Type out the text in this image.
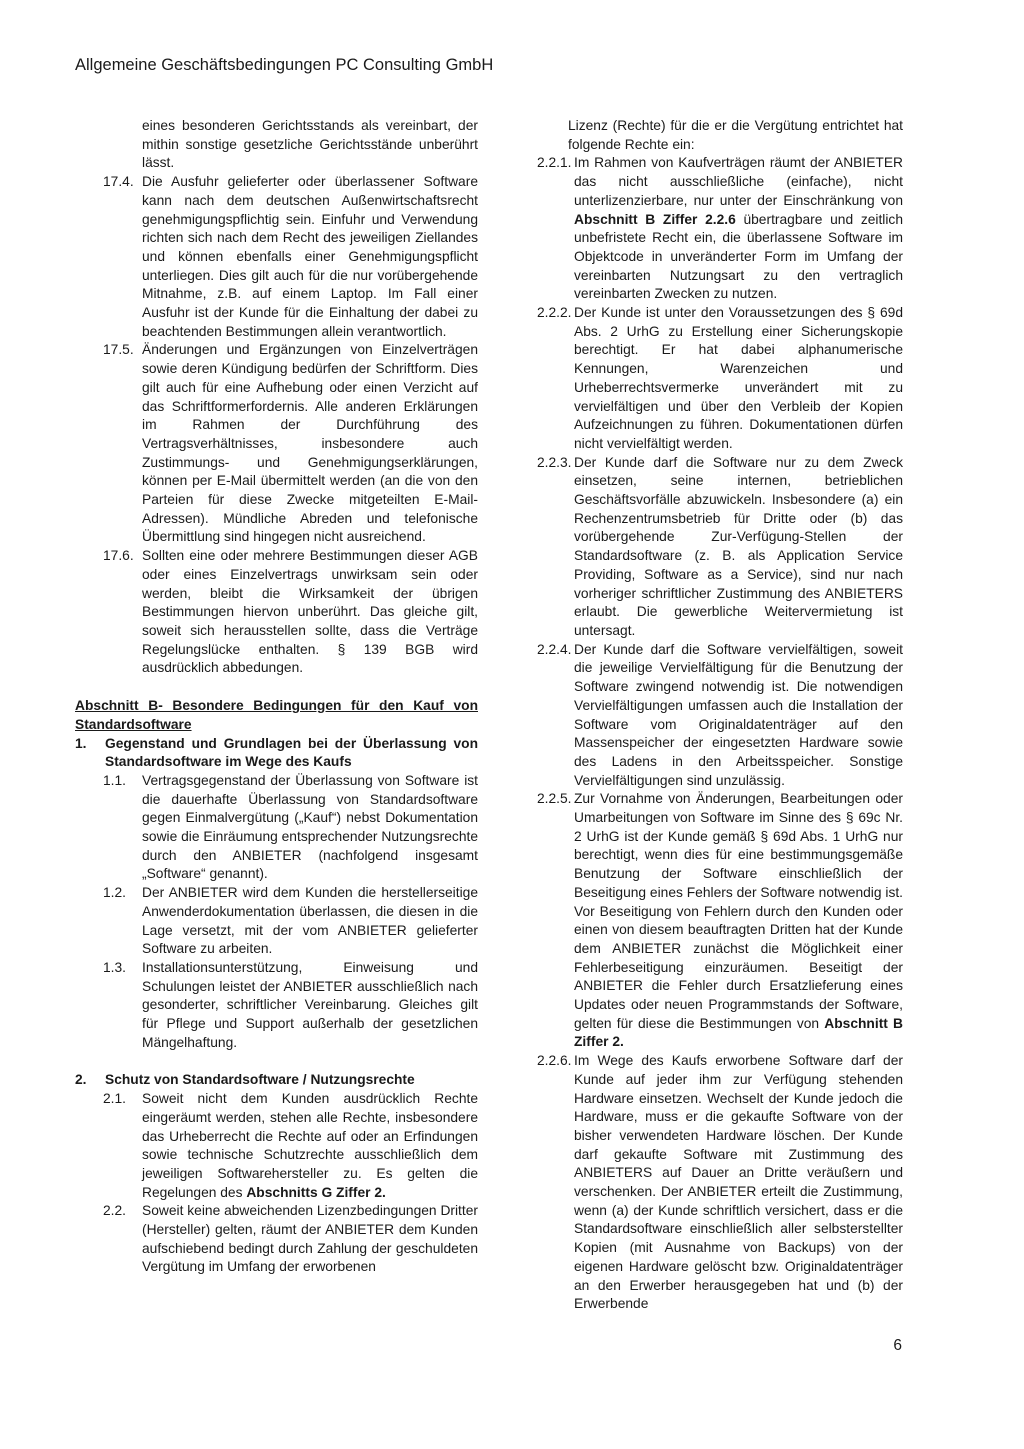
Allgemeine Geschäftsbedingungen PC Consulting GmbH
eines besonderen Gerichtsstands als vereinbart, der mithin sonstige gesetzliche Gerichtsstände unberührt lässt.
17.4. Die Ausfuhr gelieferter oder überlassener Software kann nach dem deutschen Außenwirtschaftsrecht genehmigungspflichtig sein. Einfuhr und Verwendung richten sich nach dem Recht des jeweiligen Ziellandes und können ebenfalls einer Genehmigungspflicht unterliegen. Dies gilt auch für die nur vorübergehende Mitnahme, z.B. auf einem Laptop. Im Fall einer Ausfuhr ist der Kunde für die Einhaltung der dabei zu beachtenden Bestimmungen allein verantwortlich.
17.5. Änderungen und Ergänzungen von Einzelverträgen sowie deren Kündigung bedürfen der Schriftform. Dies gilt auch für eine Aufhebung oder einen Verzicht auf das Schriftformerfordernis. Alle anderen Erklärungen im Rahmen der Durchführung des Vertragsverhältnisses, insbesondere auch Zustimmungs- und Genehmigungserklärungen, können per E-Mail übermittelt werden (an die von den Parteien für diese Zwecke mitgeteilten E-Mail-Adressen). Mündliche Abreden und telefonische Übermittlung sind hingegen nicht ausreichend.
17.6. Sollten eine oder mehrere Bestimmungen dieser AGB oder eines Einzelvertrags unwirksam sein oder werden, bleibt die Wirksamkeit der übrigen Bestimmungen hiervon unberührt. Das gleiche gilt, soweit sich herausstellen sollte, dass die Verträge Regelungslücke enthalten. § 139 BGB wird ausdrücklich abbedungen.
Abschnitt B- Besondere Bedingungen für den Kauf von Standardsoftware
1. Gegenstand und Grundlagen bei der Überlassung von Standardsoftware im Wege des Kaufs
1.1. Vertragsgegenstand der Überlassung von Software ist die dauerhafte Überlassung von Standardsoftware gegen Einmalvergütung („Kauf“) nebst Dokumentation sowie die Einräumung entsprechender Nutzungsrechte durch den ANBIETER (nachfolgend insgesamt „Software“ genannt).
1.2. Der ANBIETER wird dem Kunden die herstellerseitige Anwenderdokumentation überlassen, die diesen in die Lage versetzt, mit der vom ANBIETER gelieferter Software zu arbeiten.
1.3. Installationsunterstützung, Einweisung und Schulungen leistet der ANBIETER ausschließlich nach gesonderter, schriftlicher Vereinbarung. Gleiches gilt für Pflege und Support außerhalb der gesetzlichen Mängelhaftung.
2. Schutz von Standardsoftware / Nutzungsrechte
2.1. Soweit nicht dem Kunden ausdrücklich Rechte eingeräumt werden, stehen alle Rechte, insbesondere das Urheberrecht die Rechte auf oder an Erfindungen sowie technische Schutzrechte ausschließlich dem jeweiligen Softwarehersteller zu. Es gelten die Regelungen des Abschnitts G Ziffer 2.
2.2. Soweit keine abweichenden Lizenzbedingungen Dritter (Hersteller) gelten, räumt der ANBIETER dem Kunden aufschiebend bedingt durch Zahlung der geschuldeten Vergütung im Umfang der erworbenen
Lizenz (Rechte) für die er die Vergütung entrichtet hat folgende Rechte ein:
2.2.1. Im Rahmen von Kaufverträgen räumt der ANBIETER das nicht ausschließliche (einfache), nicht unterlizenzierbare, nur unter der Einschränkung von Abschnitt B Ziffer 2.2.6 übertragbare und zeitlich unbefristete Recht ein, die überlassene Software im Objektcode in unveränderter Form im Umfang der vereinbarten Nutzungsart zu den vertraglich vereinbarten Zwecken zu nutzen.
2.2.2. Der Kunde ist unter den Voraussetzungen des § 69d Abs. 2 UrhG zu Erstellung einer Sicherungskopie berechtigt. Er hat dabei alphanumerische Kennungen, Warenzeichen und Urheberrechtsvermerke unverändert mit zu vervielfältigen und über den Verbleib der Kopien Aufzeichnungen zu führen. Dokumentationen dürfen nicht vervielfältigt werden.
2.2.3. Der Kunde darf die Software nur zu dem Zweck einsetzen, seine internen, betrieblichen Geschäftsvorfälle abzuwickeln. Insbesondere (a) ein Rechenzentrumsbetrieb für Dritte oder (b) das vorübergehende Zur-Verfügung-Stellen der Standardsoftware (z. B. als Application Service Providing, Software as a Service), sind nur nach vorheriger schriftlicher Zustimmung des ANBIETERS erlaubt. Die gewerbliche Weitervermietung ist untersagt.
2.2.4. Der Kunde darf die Software vervielfältigen, soweit die jeweilige Vervielfältigung für die Benutzung der Software zwingend notwendig ist. Die notwendigen Vervielfältigungen umfassen auch die Installation der Software vom Originaldatenträger auf den Massenspeicher der eingesetzten Hardware sowie des Ladens in den Arbeitsspeicher. Sonstige Vervielfältigungen sind unzulässig.
2.2.5. Zur Vornahme von Änderungen, Bearbeitungen oder Umarbeitungen von Software im Sinne des § 69c Nr. 2 UrhG ist der Kunde gemäß § 69d Abs. 1 UrhG nur berechtigt, wenn dies für eine bestimmungsgemäße Benutzung der Software einschließlich der Beseitigung eines Fehlers der Software notwendig ist. Vor Beseitigung von Fehlern durch den Kunden oder einen von diesem beauftragten Dritten hat der Kunde dem ANBIETER zunächst die Möglichkeit einer Fehlerbeseitigung einzuräumen. Beseitigt der ANBIETER die Fehler durch Ersatzlieferung eines Updates oder neuen Programmstands der Software, gelten für diese die Bestimmungen von Abschnitt B Ziffer 2.
2.2.6. Im Wege des Kaufs erworbene Software darf der Kunde auf jeder ihm zur Verfügung stehenden Hardware einsetzen. Wechselt der Kunde jedoch die Hardware, muss er die gekaufte Software von der bisher verwendeten Hardware löschen. Der Kunde darf gekaufte Software mit Zustimmung des ANBIETERS auf Dauer an Dritte veräußern und verschenken. Der ANBIETER erteilt die Zustimmung, wenn (a) der Kunde schriftlich versichert, dass er die Standardsoftware einschließlich aller selbsterstellter Kopien (mit Ausnahme von Backups) von der eigenen Hardware gelöscht bzw. Originaldatenträger an den Erwerber herausgegeben hat und (b) der Erwerbende
6
